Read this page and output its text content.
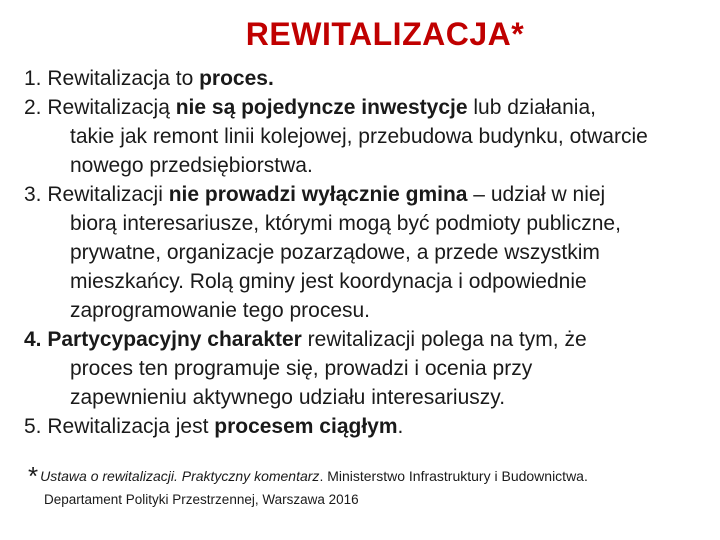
REWITALIZACJA*
1. Rewitalizacja to proces.
2. Rewitalizacją nie są pojedyncze inwestycje lub działania,
takie jak remont linii kolejowej, przebudowa budynku, otwarcie
nowego przedsiębiorstwa.
3. Rewitalizacji nie prowadzi wyłącznie gmina – udział w niej
biorą interesariusze, którymi mogą być podmioty publiczne,
prywatne, organizacje pozarządowe, a przede wszystkim
mieszkańcy. Rolą gminy jest koordynacja i odpowiednie
zaprogramowanie tego procesu.
4. Partycypacyjny charakter rewitalizacji polega na tym, że
proces ten programuje się, prowadzi i ocenia przy
zapewnieniu aktywnego udziału interesariuszy.
5. Rewitalizacja jest procesem ciągłym.
* Ustawa o rewitalizacji. Praktyczny komentarz. Ministerstwo Infrastruktury i Budownictwa.
Departament Polityki Przestrzennej, Warszawa 2016
